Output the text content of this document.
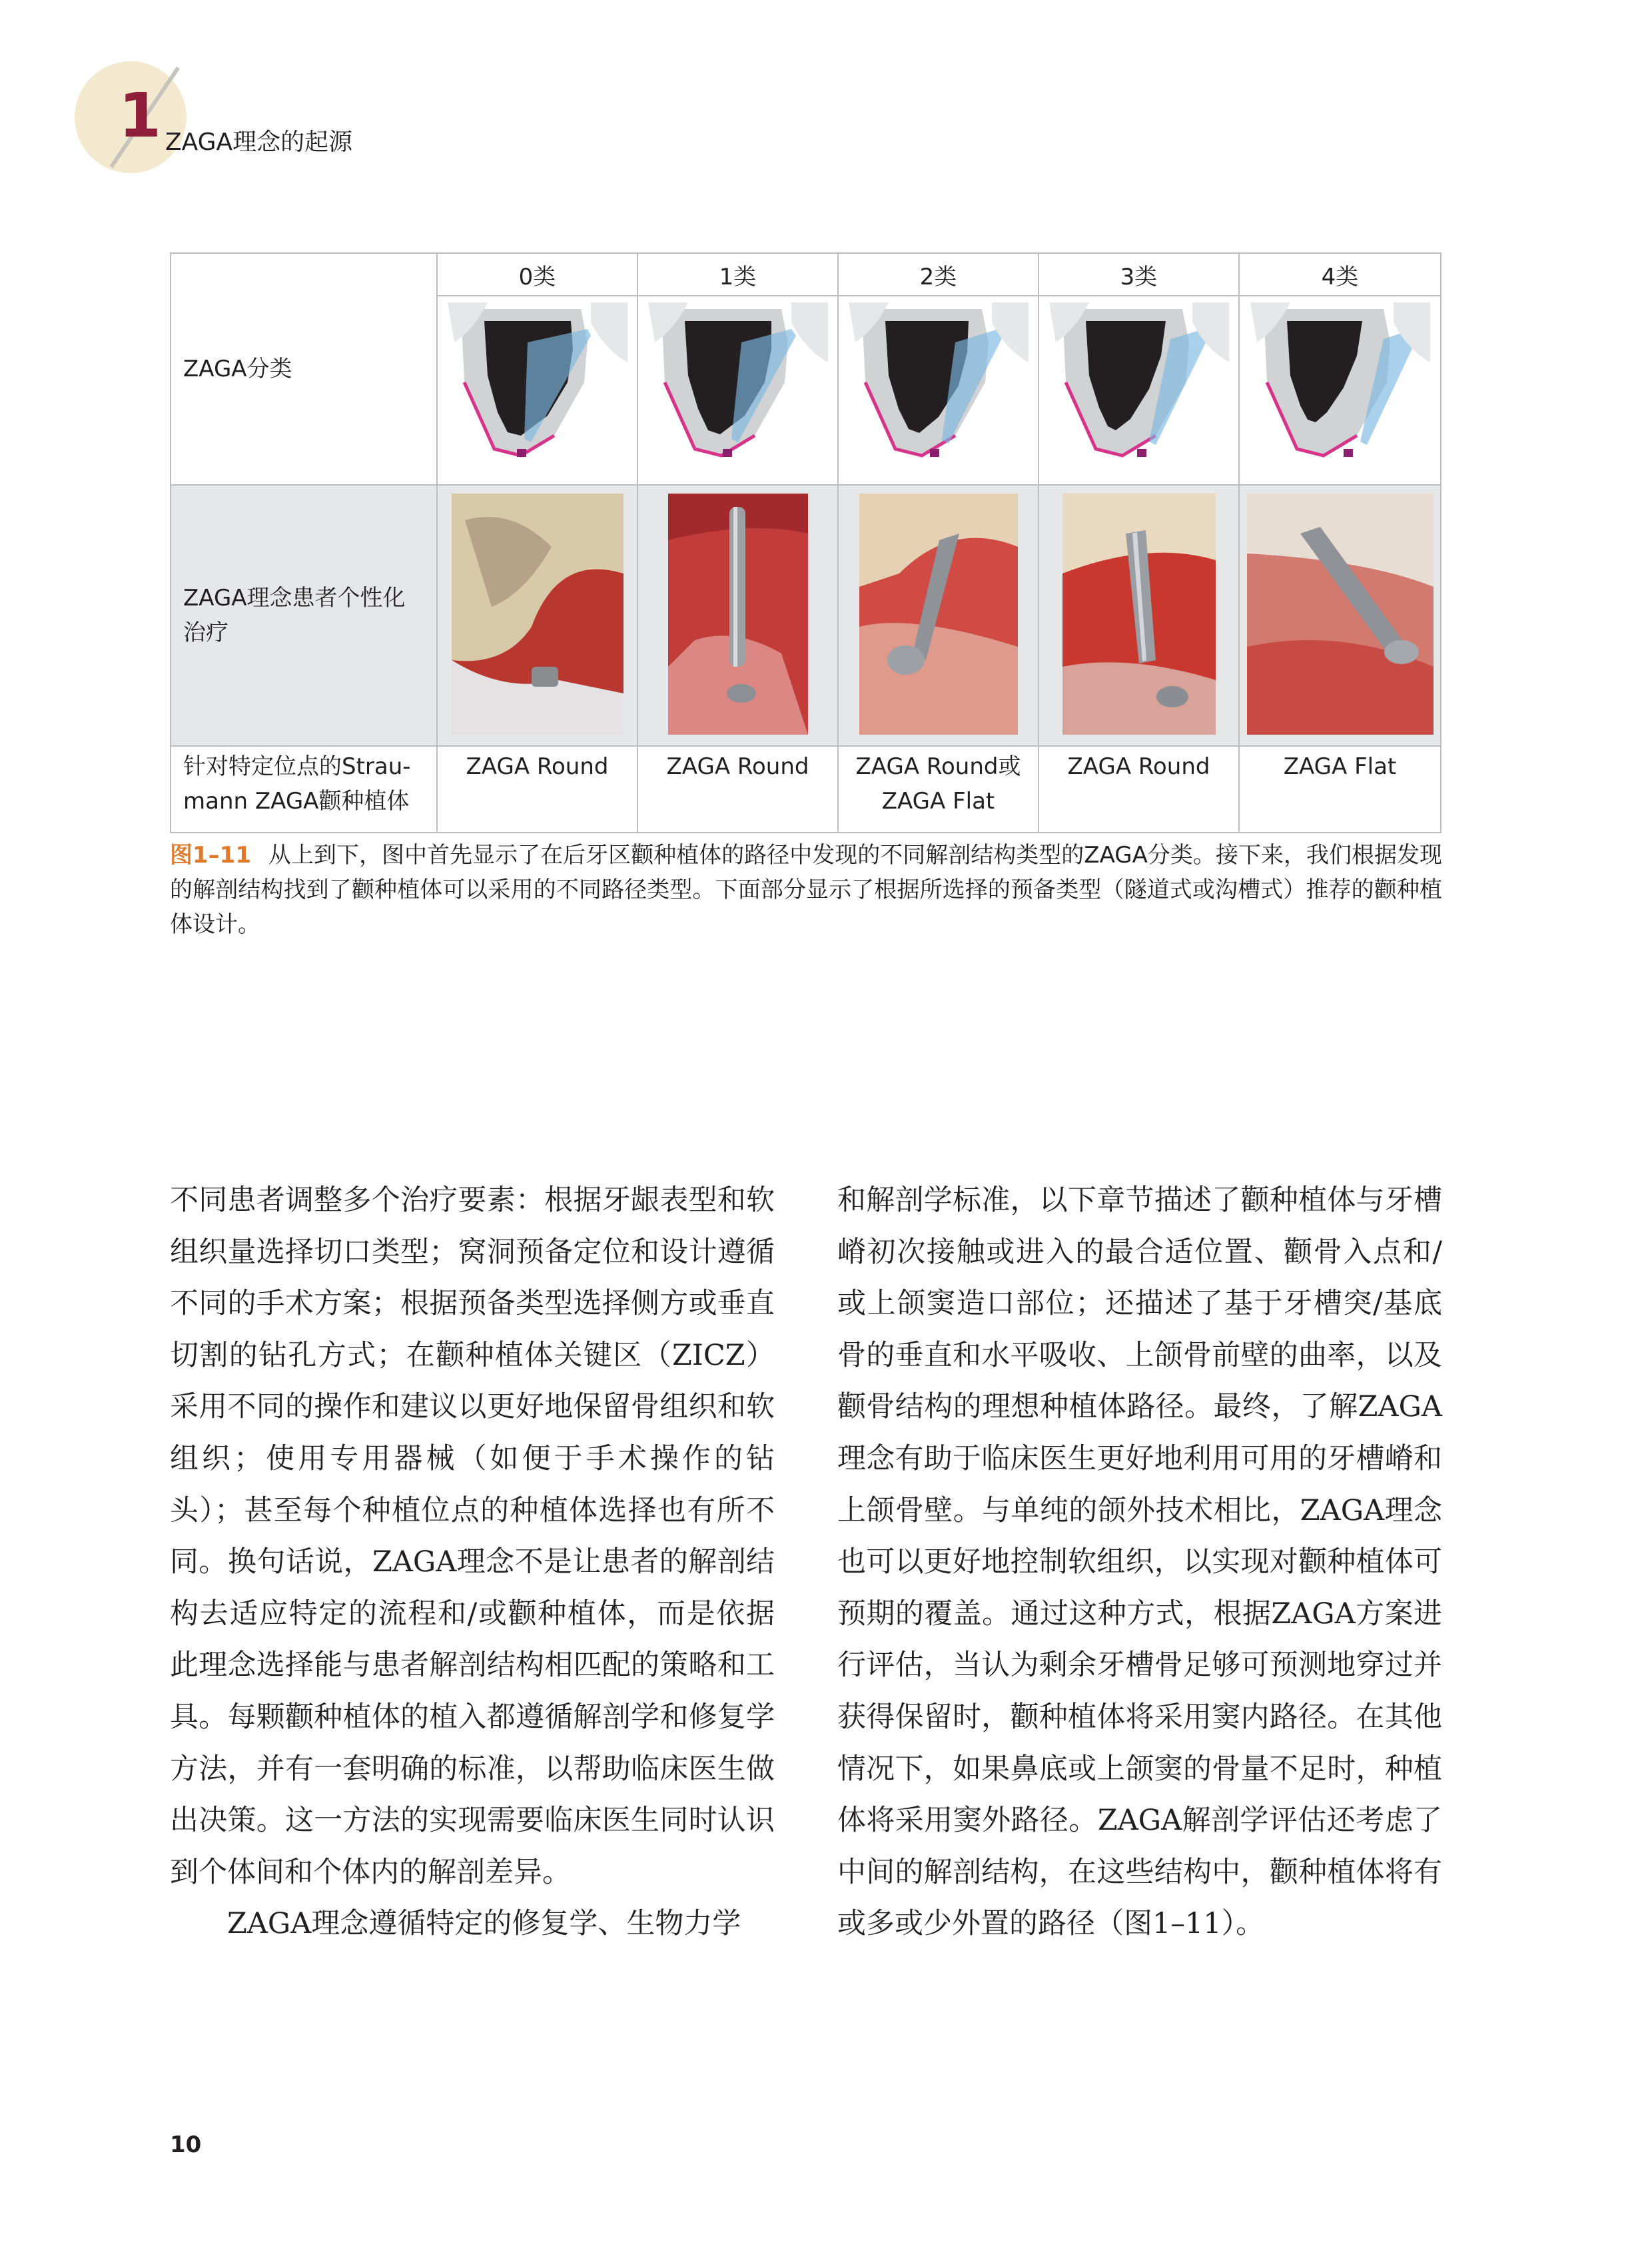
1 ZAGA理念的起源
ZAGA分类	0类	1类	2类	3类	4类

ZAGA理念患者个性化治疗					
针对特定位点的Strau-mann ZAGA颧种植体	ZAGA Round	ZAGA Round	ZAGA Round或ZAGA Flat	ZAGA Round	ZAGA Flat
图1–11 从上到下，图中首先显示了在后牙区颧种植体的路径中发现的不同解剖结构类型的ZAGA分类。接下来，我们根据发现的解剖结构找到了颧种植体可以采用的不同路径类型。下面部分显示了根据所选择的预备类型（隧道式或沟槽式）推荐的颧种植体设计。

不同患者调整多个治疗要素：根据牙龈表型和软组织量选择切口类型；窝洞预备定位和设计遵循不同的手术方案；根据预备类型选择侧方或垂直切割的钻孔方式；在颧种植体关键区（ZICZ）采用不同的操作和建议以更好地保留骨组织和软组织；使用专用器械（如便于手术操作的钻头）；甚至每个种植位点的种植体选择也有所不同。换句话说，ZAGA理念不是让患者的解剖结构去适应特定的流程和/或颧种植体，而是依据此理念选择能与患者解剖结构相匹配的策略和工具。每颗颧种植体的植入都遵循解剖学和修复学方法，并有一套明确的标准，以帮助临床医生做出决策。这一方法的实现需要临床医生同时认识到个体间和个体内的解剖差异。

ZAGA理念遵循特定的修复学、生物力学

和解剖学标准，以下章节描述了颧种植体与牙槽嵴初次接触或进入的最合适位置、颧骨入点和/或上颌窦造口部位；还描述了基于牙槽突/基底骨的垂直和水平吸收、上颌骨前壁的曲率，以及颧骨结构的理想种植体路径。最终，了解ZAGA理念有助于临床医生更好地利用可用的牙槽嵴和上颌骨壁。与单纯的颌外技术相比，ZAGA理念也可以更好地控制软组织，以实现对颧种植体可预期的覆盖。通过这种方式，根据ZAGA方案进行评估，当认为剩余牙槽骨足够可预测地穿过并获得保留时，颧种植体将采用窦内路径。在其他情况下，如果鼻底或上颌窦的骨量不足时，种植体将采用窦外路径。ZAGA解剖学评估还考虑了中间的解剖结构，在这些结构中，颧种植体将有或多或少外置的路径（图1–11）。

10
